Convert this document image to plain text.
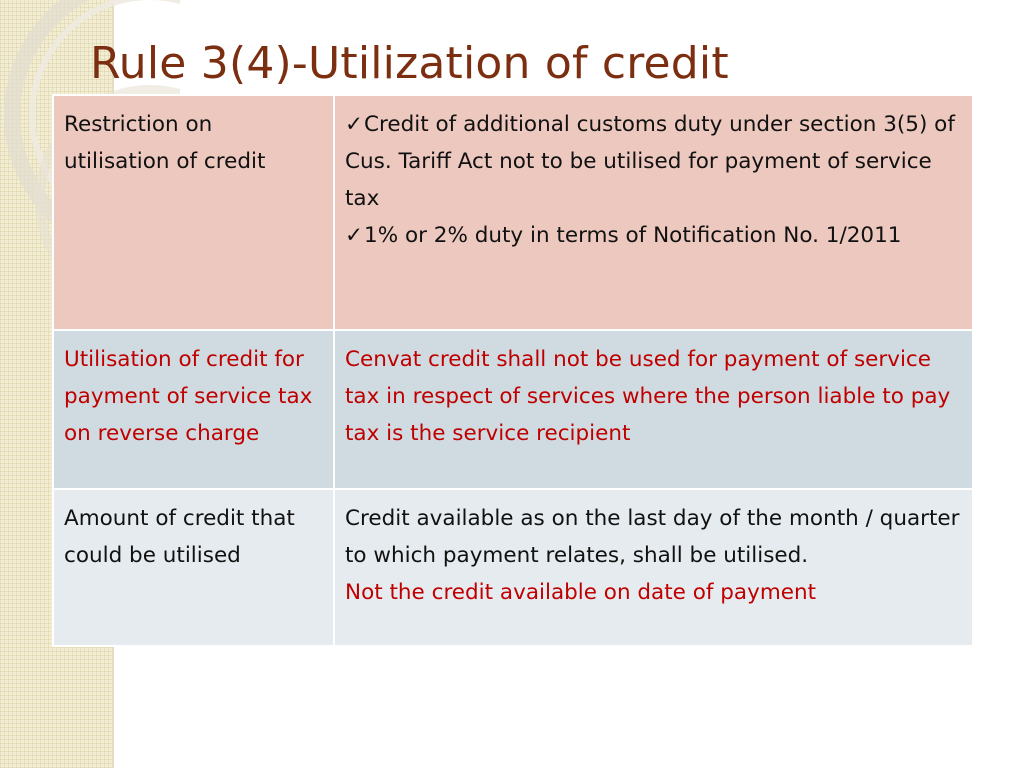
Rule 3(4)-Utilization of credit
Restriction on utilisation of credit	✓Credit of additional customs duty under section 3(5) of Cus. Tariff Act not to be utilised for payment of service tax
✓1% or 2% duty in terms of Notification No. 1/2011

Utilisation of credit for payment of service tax on reverse charge	Cenvat credit shall not be used for payment of service tax in respect of services where the person liable to pay tax is the service recipient
Amount of credit that could be utilised	Credit available as on the last day of the month / quarter to which payment relates, shall be utilised.
Not the credit available on date of payment
